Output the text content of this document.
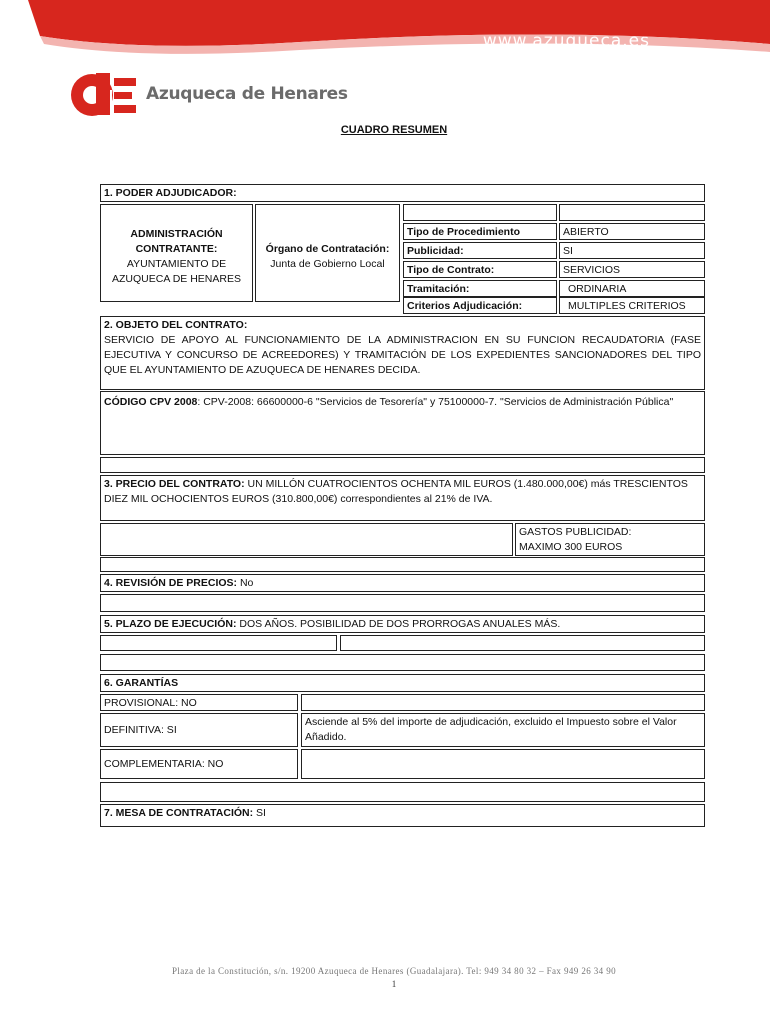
www.azuqueca.es
Azuqueca de Henares
CUADRO RESUMEN
1. PODER ADJUDICADOR:
ADMINISTRACIÓN CONTRATANTE:
AYUNTAMIENTO DE AZUQUECA DE HENARES
Órgano de Contratación:
Junta de Gobierno Local
Tipo de Procedimiento	ABIERTO
Publicidad:	SI
Tipo de Contrato:	SERVICIOS
Tramitación:	ORDINARIA
Criterios Adjudicación:	MULTIPLES CRITERIOS
2. OBJETO DEL CONTRATO:
SERVICIO DE APOYO AL FUNCIONAMIENTO DE LA ADMINISTRACION EN SU FUNCION RECAUDATORIA (FASE EJECUTIVA Y CONCURSO DE ACREEDORES) Y TRAMITACIÓN DE LOS EXPEDIENTES SANCIONADORES DEL TIPO QUE EL AYUNTAMIENTO DE AZUQUECA DE HENARES DECIDA.
CÓDIGO CPV 2008: CPV-2008: 66600000-6 "Servicios de Tesorería" y 75100000-7. "Servicios de Administración Pública"
3. PRECIO DEL CONTRATO: UN MILLÓN CUATROCIENTOS OCHENTA MIL EUROS (1.480.000,00€) más TRESCIENTOS DIEZ MIL OCHOCIENTOS EUROS (310.800,00€) correspondientes al 21% de IVA.
GASTOS PUBLICIDAD:
MAXIMO 300 EUROS
4. REVISIÓN DE PRECIOS: No
5. PLAZO DE EJECUCIÓN: DOS AÑOS. POSIBILIDAD DE DOS PRORROGAS ANUALES MÁS.
6. GARANTÍAS
PROVISIONAL: NO
DEFINITIVA: SI
Asciende al 5% del importe de adjudicación, excluido el Impuesto sobre el Valor Añadido.
COMPLEMENTARIA: NO
7. MESA DE CONTRATACIÓN: SI
Plaza de la Constitución, s/n. 19200 Azuqueca de Henares (Guadalajara). Tel: 949 34 80 32 – Fax 949 26 34 90
1
